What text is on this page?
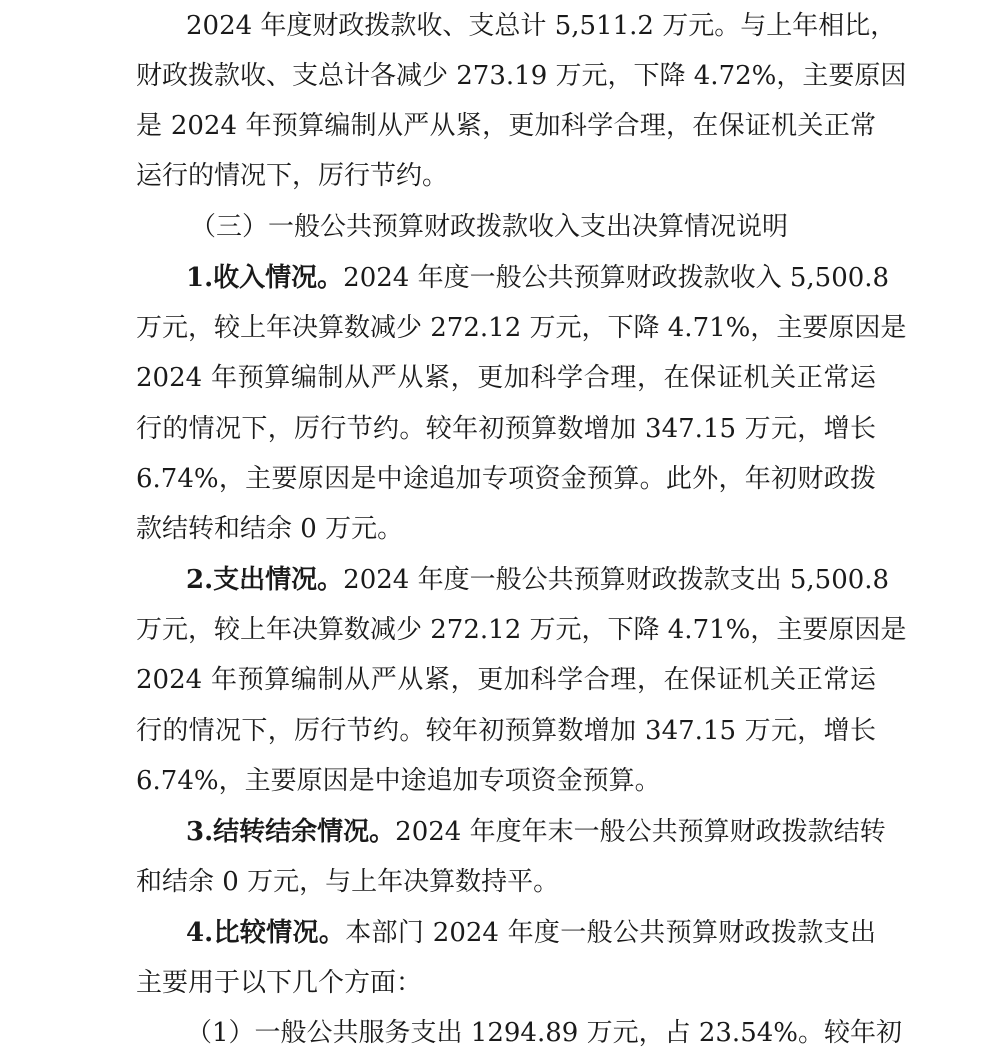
2024 年度财政拨款收、支总计 5,511.2 万元。与上年相比，
财政拨款收、支总计各减少 273.19 万元，下降 4.72%，主要原因
是 2024 年预算编制从严从紧，更加科学合理，在保证机关正常
运行的情况下，厉行节约。
（三）一般公共预算财政拨款收入支出决算情况说明
1.收入情况。2024 年度一般公共预算财政拨款收入 5,500.8
万元，较上年决算数减少 272.12 万元，下降 4.71%，主要原因是
2024 年预算编制从严从紧，更加科学合理，在保证机关正常运
行的情况下，厉行节约。较年初预算数增加 347.15 万元，增长
6.74%，主要原因是中途追加专项资金预算。此外，年初财政拨
款结转和结余 0 万元。
2.支出情况。2024 年度一般公共预算财政拨款支出 5,500.8
万元，较上年决算数减少 272.12 万元，下降 4.71%，主要原因是
2024 年预算编制从严从紧，更加科学合理，在保证机关正常运
行的情况下，厉行节约。较年初预算数增加 347.15 万元，增长
6.74%，主要原因是中途追加专项资金预算。
3.结转结余情况。2024 年度年末一般公共预算财政拨款结转
和结余 0 万元，与上年决算数持平。
4.比较情况。本部门 2024 年度一般公共预算财政拨款支出
主要用于以下几个方面：
（1）一般公共服务支出 1294.89 万元，占 23.54%。较年初
